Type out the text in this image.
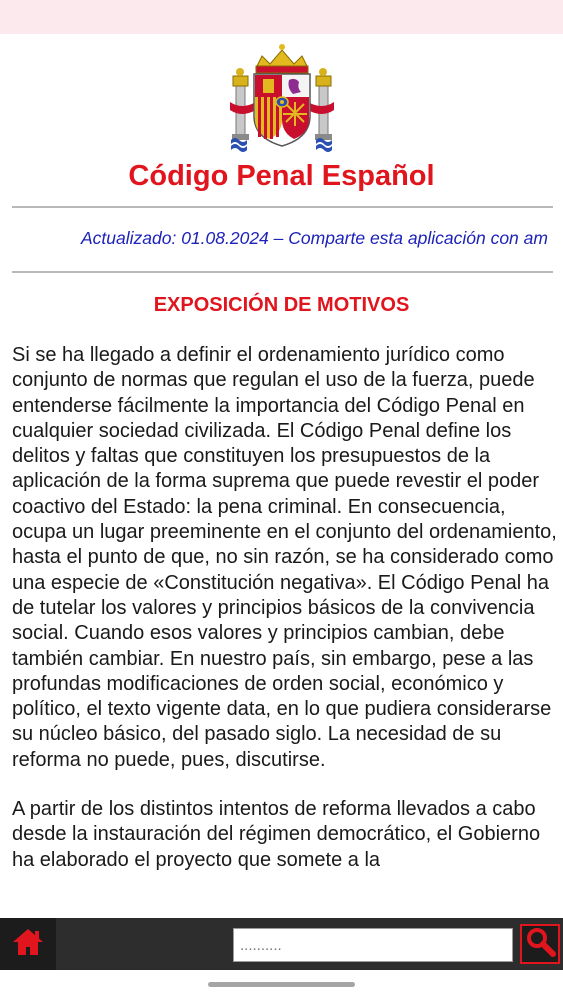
Código Penal Español
Actualizado: 01.08.2024 – Comparte esta aplicación con am
EXPOSICIÓN DE MOTIVOS

Si se ha llegado a definir el ordenamiento jurídico como conjunto de normas que regulan el uso de la fuerza, puede entenderse fácilmente la importancia del Código Penal en cualquier sociedad civilizada. El Código Penal define los delitos y faltas que constituyen los presupuestos de la aplicación de la forma suprema que puede revestir el poder coactivo del Estado: la pena criminal. En consecuencia, ocupa un lugar preeminente en el conjunto del ordenamiento, hasta el punto de que, no sin razón, se ha considerado como una especie de «Constitución negativa». El Código Penal ha de tutelar los valores y principios básicos de la convivencia social. Cuando esos valores y principios cambian, debe también cambiar. En nuestro país, sin embargo, pese a las profundas modificaciones de orden social, económico y político, el texto vigente data, en lo que pudiera considerarse su núcleo básico, del pasado siglo. La necesidad de su reforma no puede, pues, discutirse.

A partir de los distintos intentos de reforma llevados a cabo desde la instauración del régimen democrático, el Gobierno ha elaborado el proyecto que somete a la

..........
